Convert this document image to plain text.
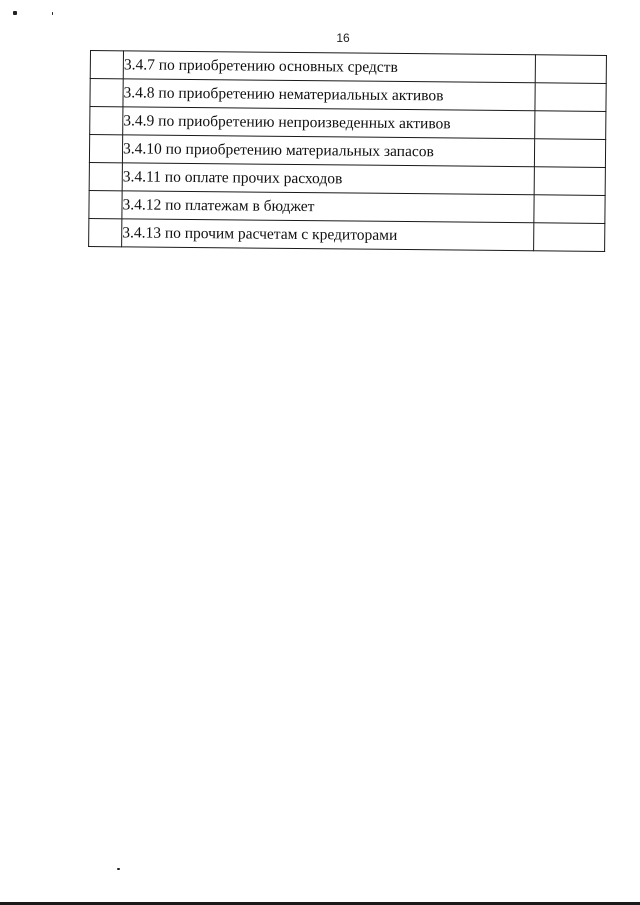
16
	3.4.7 по приобретению основных средств	
	3.4.8 по приобретению нематериальных активов	
	3.4.9 по приобретению непроизведенных активов	
	3.4.10 по приобретению материальных запасов	
	3.4.11 по оплате прочих расходов	
	3.4.12 по платежам в бюджет	
	3.4.13 по прочим расчетам с кредиторами	
